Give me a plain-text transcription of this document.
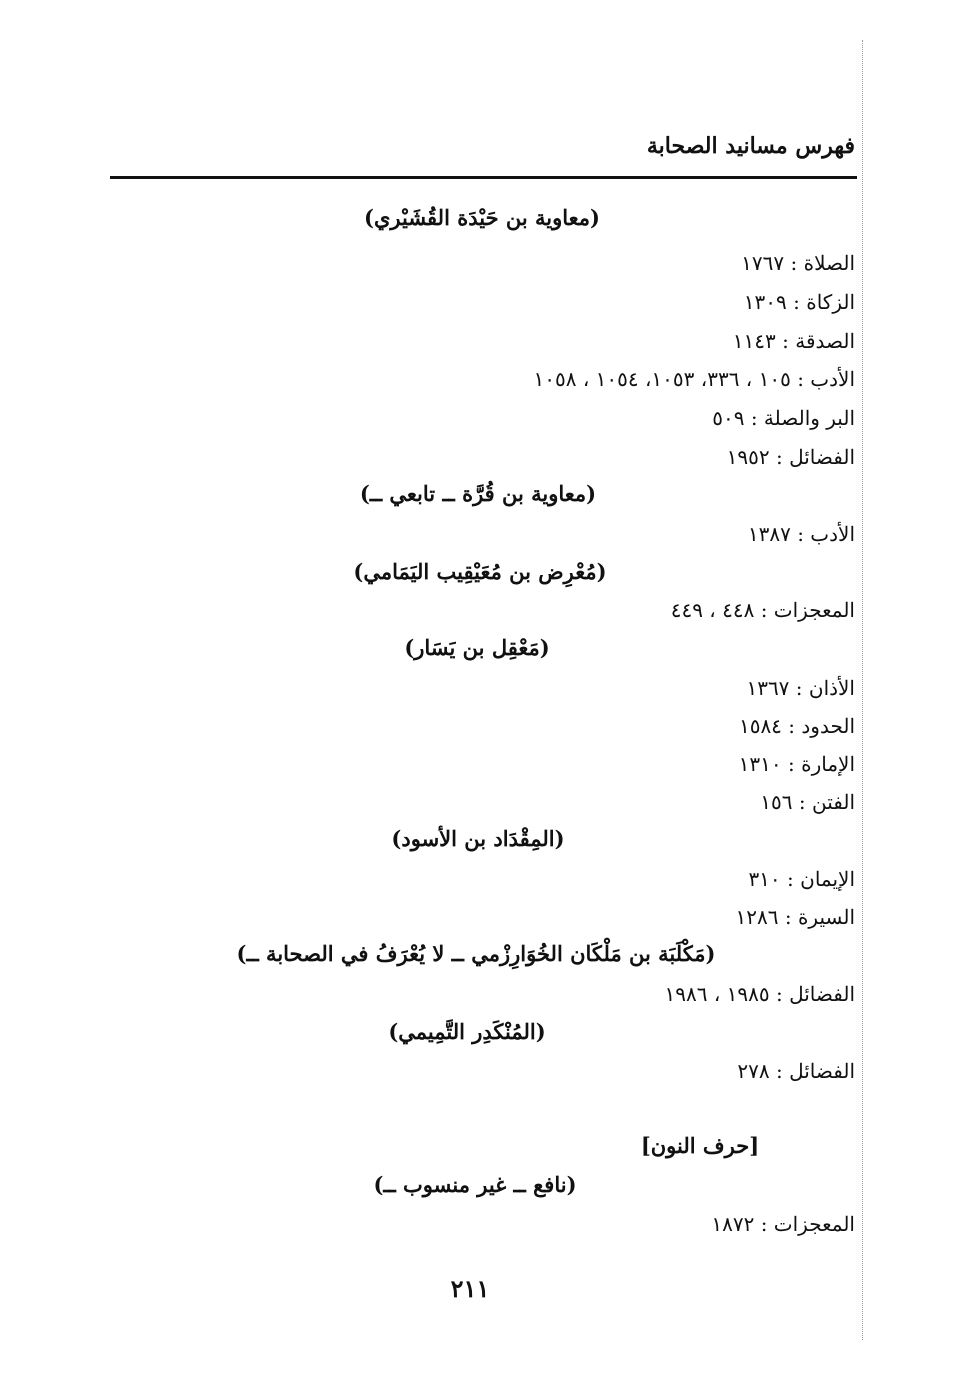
فهرس مسانيد الصحابة
(معاوية بن حَيْدَة القُشَيْري)
الصلاة : ١٧٦٧
الزكاة : ١٣٠٩
الصدقة : ١١٤٣
الأدب : ١٠٥ ، ٣٣٦، ١٠٥٣، ١٠٥٤ ، ١٠٥٨
البر والصلة : ٥٠٩
الفضائل : ١٩٥٢
(معاوية بن قُرَّة ــ تابعي ــ)
الأدب : ١٣٨٧
(مُعْرِض بن مُعَيْقِيب اليَمَامي)
المعجزات : ٤٤٨ ، ٤٤٩
(مَعْقِل بن يَسَار)
الأذان : ١٣٦٧
الحدود : ١٥٨٤
الإمارة : ١٣١٠
الفتن : ١٥٦
(المِقْدَاد بن الأسود)
الإيمان : ٣١٠
السيرة : ١٢٨٦
(مَكْلَبَة بن مَلْكَان الخُوَارِزْمي ــ لا يُعْرَفُ في الصحابة ــ)
الفضائل : ١٩٨٥ ، ١٩٨٦
(المُنْكَدِر التَّمِيمي)
الفضائل : ٢٧٨
[حرف النون]
(نافع ــ غير منسوب ــ)
المعجزات : ١٨٧٢
٢١١
